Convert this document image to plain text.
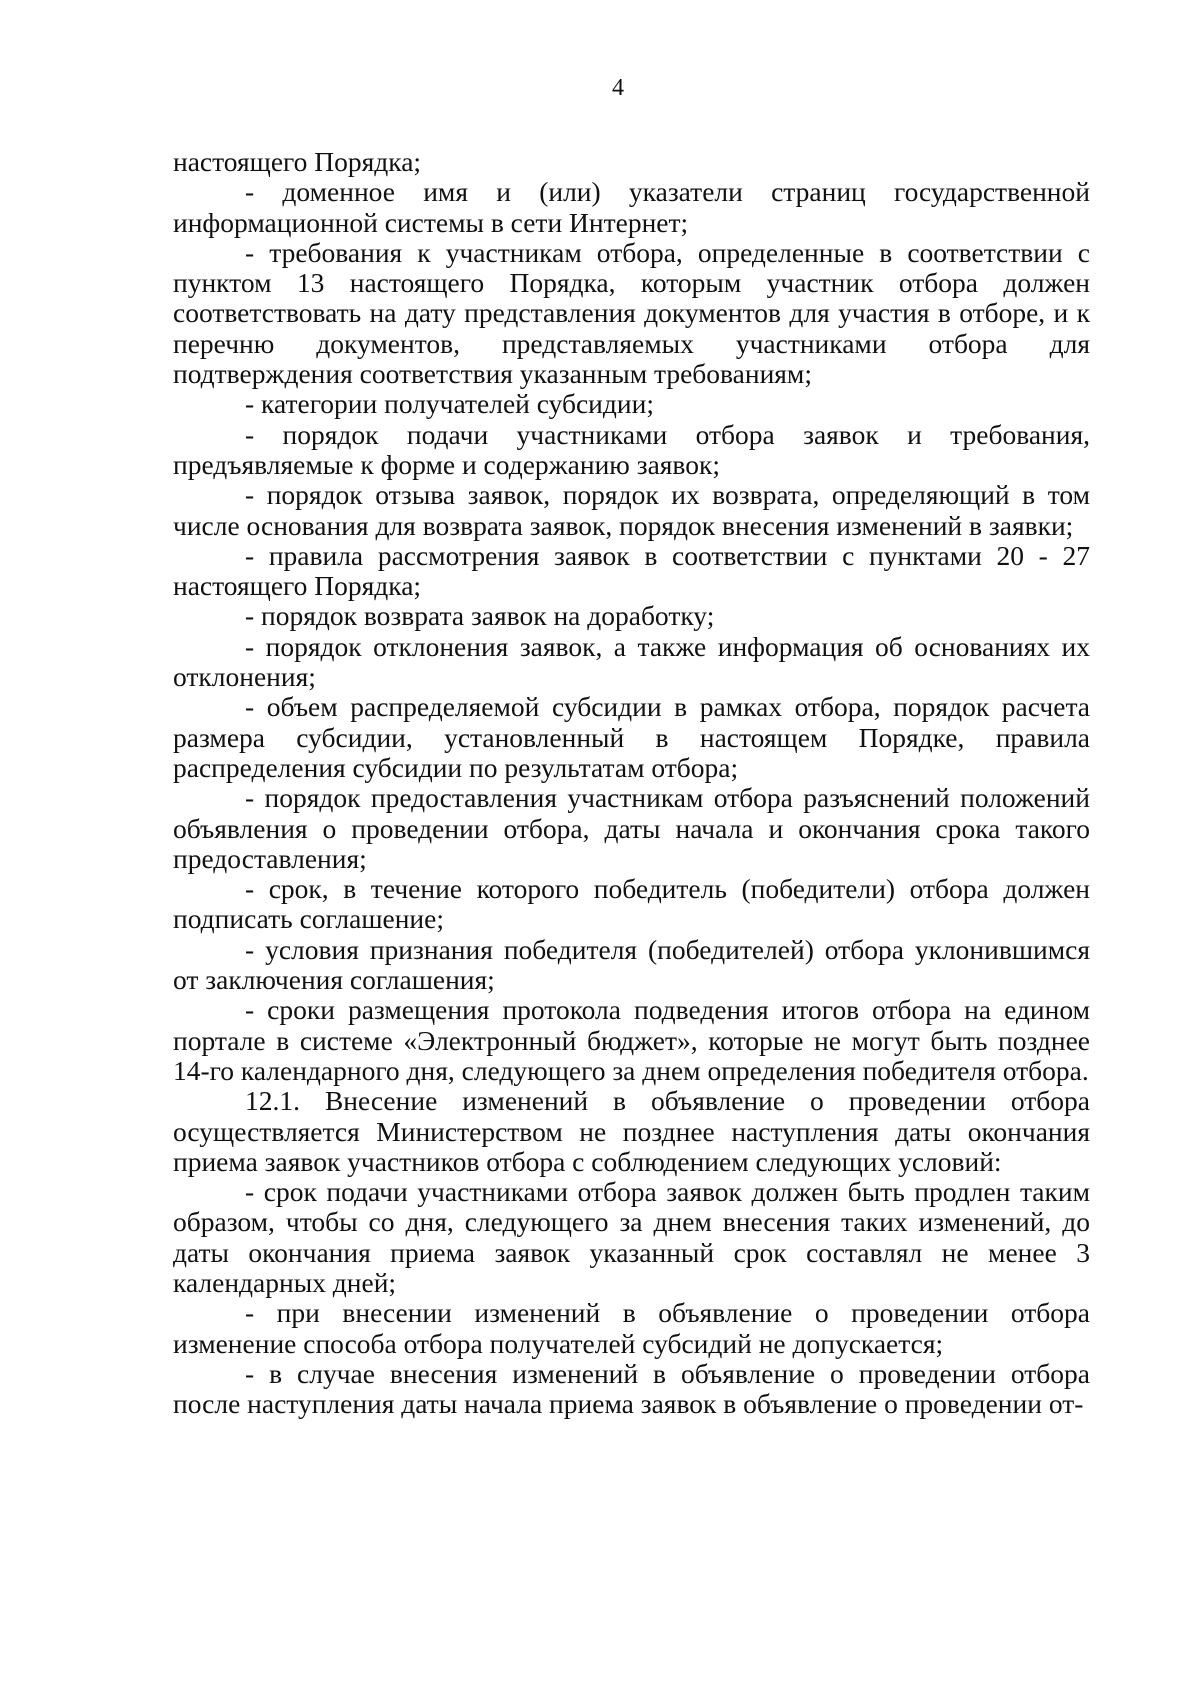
4

настоящего Порядка;

- доменное имя и (или) указатели страниц государственной информационной системы в сети Интернет;

- требования к участникам отбора, определенные в соответствии с пунктом 13 настоящего Порядка, которым участник отбора должен соответствовать на дату представления документов для участия в отборе, и к перечню документов, представляемых участниками отбора для подтверждения соответствия указанным требованиям;

- категории получателей субсидии;

- порядок подачи участниками отбора заявок и требования, предъявляемые к форме и содержанию заявок;

- порядок отзыва заявок, порядок их возврата, определяющий в том числе основания для возврата заявок, порядок внесения изменений в заявки;

- правила рассмотрения заявок в соответствии с пунктами 20 - 27 настоящего Порядка;

- порядок возврата заявок на доработку;

- порядок отклонения заявок, а также информация об основаниях их отклонения;

- объем распределяемой субсидии в рамках отбора, порядок расчета размера субсидии, установленный в настоящем Порядке, правила распределения субсидии по результатам отбора;

- порядок предоставления участникам отбора разъяснений положений объявления о проведении отбора, даты начала и окончания срока такого предоставления;

- срок, в течение которого победитель (победители) отбора должен подписать соглашение;

- условия признания победителя (победителей) отбора уклонившимся от заключения соглашения;

- сроки размещения протокола подведения итогов отбора на едином портале в системе «Электронный бюджет», которые не могут быть позднее 14-го календарного дня, следующего за днем определения победителя отбора.

12.1. Внесение изменений в объявление о проведении отбора осуществляется Министерством не позднее наступления даты окончания приема заявок участников отбора с соблюдением следующих условий:

- срок подачи участниками отбора заявок должен быть продлен таким образом, чтобы со дня, следующего за днем внесения таких изменений, до даты окончания приема заявок указанный срок составлял не менее 3 календарных дней;

- при внесении изменений в объявление о проведении отбора изменение способа отбора получателей субсидий не допускается;

- в случае внесения изменений в объявление о проведении отбора после наступления даты начала приема заявок в объявление о проведении от-
